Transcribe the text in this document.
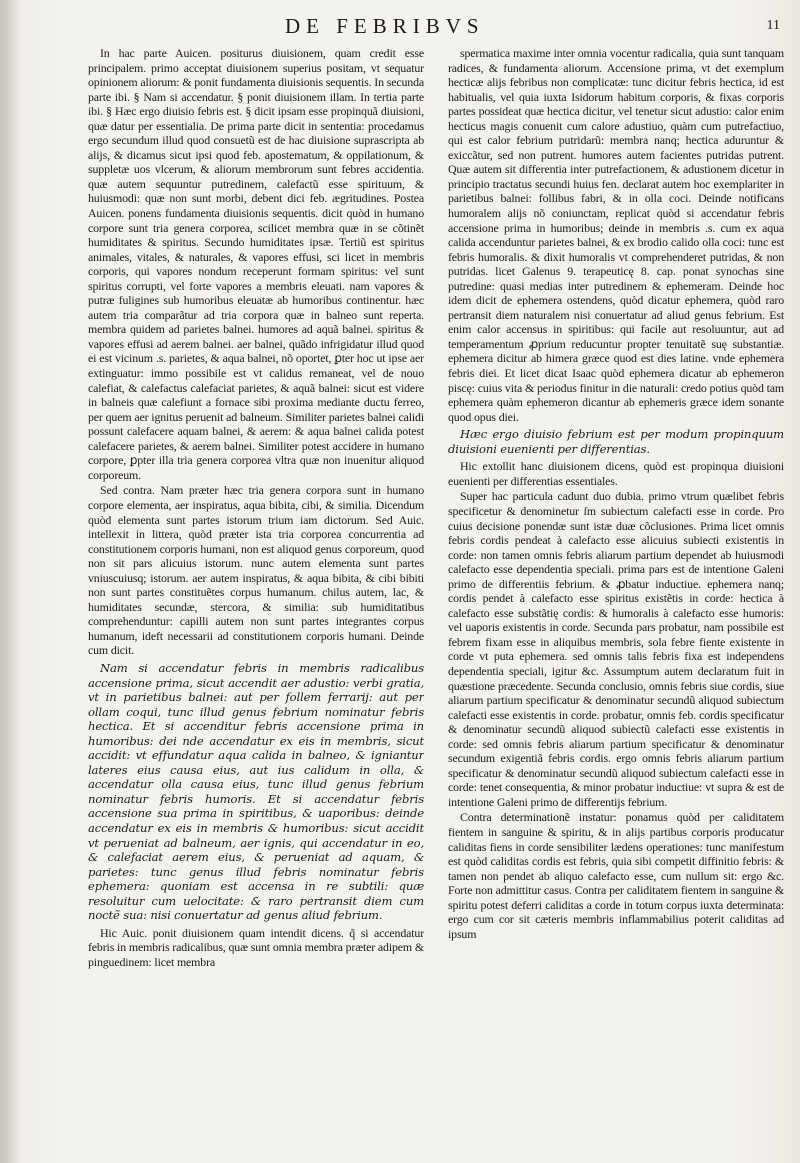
DE FEBRIBVS	11

In hac parte Auicen. positurus diuisionem, quam credit esse principalem. primo acceptat diuisionem superius positam, vt sequatur opinionem aliorum: & ponit fundamenta diuisionis sequentis. In secunda parte ibi. § Nam si accendatur. § ponit diuisionem illam. In tertia parte ibi. § Hæc ergo diuisio febris est. § dicit ipsam esse propinquã diuisioni, quæ datur per essentialia. De prima parte dicit in sententia: procedamus ergo secundum illud quod consuetũ est de hac diuisione suprascripta ab alijs, & dicamus sicut ipsi quod feb. apostematum, & oppilationum, & suppletæ uos vlcerum, & aliorum membrorum sunt febres accidentia. quæ autem sequuntur putredinem, calefactũ esse spirituum, & huiusmodi: quæ non sunt morbi, debent dici feb. ægritudines. Postea Auicen. ponens fundamenta diuisionis sequentis. dicit quòd in humano corpore sunt tria genera corporea, scilicet membra quæ in se cõtinẽt humiditates & spiritus. Secundo humiditates ipsæ. Tertiũ est spiritus animales, vitales, & naturales, & vapores effusi, sci licet in membris corporis, qui vapores nondum receperunt formam spiritus: vel sunt spiritus corrupti, vel forte vapores a membris eleuati. nam vapores & putræ fuligines sub humoribus eleuatæ ab humoribus continentur. hæc autem tria comparãtur ad tria corpora quæ in balneo sunt reperta. membra quidem ad parietes balnei. humores ad aquã balnei. spiritus & vapores effusi ad aerem balnei. aer balnei, quãdo infrigidatur illud quod ei est vicinum .s. parietes, & aqua balnei, nõ oportet, ꝑter hoc ut ipse aer extinguatur: immo possibile est vt calidus remaneat, vel de nouo calefiat, & calefactus calefaciat parietes, & aquã balnei: sicut est videre in balneis quæ calefiunt a fornace sibi proxima mediante ductu ferreo, per quem aer ignitus peruenit ad balneum. Similiter parietes balnei calidi possunt calefacere aquam balnei, & aerem: & aqua balnei calida potest calefacere parietes, & aerem balnei. Similiter potest accidere in humano corpore, ꝑpter illa tria genera corporea vltra quæ non inuenitur aliquod corporeum.

Sed contra. Nam præter hæc tria genera corpora sunt in humano corpore elementa, aer inspiratus, aqua bibita, cibi, & similia. Dicendum quòd elementa sunt partes istorum trium iam dictorum. Sed Auic. intellexit in littera, quòd præter ista tria corporea concurrentia ad constitutionem corporis humani, non est aliquod genus corporeum, quod non sit pars alicuius istorum. nunc autem elementa sunt partes vniuscuiusq; istorum. aer autem inspiratus, & aqua bibita, & cibi bibiti non sunt partes constituẽtes corpus humanum. chilus autem, lac, & humiditates secundæ, stercora, & similia: sub humiditatibus comprehenduntur: capilli autem non sunt partes integrantes corpus humanum, ideft necessarii ad constitutionem corporis humani. Deinde cum dicit.

Nam si accendatur febris in membris radicalibus accensione prima, sicut accendit aer adustio: verbi gratia, vt in parietibus balnei: aut per follem ferrarij: aut per ollam coqui, tunc illud genus febrium nominatur febris hectica. Et si accenditur febris accensione prima in humoribus: dei nde accendatur ex eis in membris, sicut accidit: vt effundatur aqua calida in balneo, & igniantur lateres eius causa eius, aut ius calidum in olla, & accendatur olla causa eius, tunc illud genus febrium nominatur febris humoris. Et si accendatur febris accensione sua prima in spiritibus, & uaporibus: deinde accendatur ex eis in membris & humoribus: sicut accidit vt perueniat ad balneum, aer ignis, qui accendatur in eo, & calefaciat aerem eius, & perueniat ad aquam, & parietes: tunc genus illud febris nominatur febris ephemera: quoniam est accensa in re subtili: quæ resoluitur cum uelocitate: & raro pertransit diem cum noctẽ sua: nisi conuertatur ad genus aliud febrium.

Hic Auic. ponit diuisionem quam intendit dicens. q̃ si accendatur febris in membris radicalibus, quæ sunt omnia membra præter adipem & pinguedinem: licet membra

spermatica maxime inter omnia vocentur radicalia, quia sunt tanquam radices, & fundamenta aliorum. Accensione prima, vt det exemplum hecticæ alijs febribus non complicatæ: tunc dicitur febris hectica, id est habitualis, vel quia iuxta Isidorum habitum corporis, & fixas corporis partes possideat quæ hectica dicitur, vel tenetur sicut adustio: calor enim hecticus magis conuenit cum calore adustiuo, quàm cum putrefactiuo, qui est calor febrium putridarũ: membra nanq; hectica aduruntur & exiccãtur, sed non putrent. humores autem facientes putridas putrent. Quæ autem sit differentia inter putrefactionem, & adustionem dicetur in principio tractatus secundi huius fen. declarat autem hoc exemplariter in parietibus balnei: follibus fabri, & in olla coci. Deinde notificans humoralem alijs nõ coniunctam, replicat quòd si accendatur febris accensione prima in humoribus; deinde in membris .s. cum ex aqua calida accenduntur parietes balnei, & ex brodio calido olla coci: tunc est febris humoralis. & dixit humoralis vt comprehenderet putridas, & non putridas. licet Galenus 9. terapeuticę 8. cap. ponat synochas sine putredine: quasi medias inter putredinem & ephemeram. Deinde hoc idem dicit de ephemera ostendens, quòd dicatur ephemera, quòd raro pertransit diem naturalem nisi conuertatur ad aliud genus febrium. Est enim calor accensus in spiritibus: qui facile aut resoluuntur, aut ad temperamentum ꝓprium reducuntur propter tenuitatẽ suę substantiæ. ephemera dicitur ab himera græce quod est dies latine. vnde ephemera febris diei. Et licet dicat Isaac quòd ephemera dicatur ab ephemeron piscę: cuius vita & periodus finitur in die naturali: credo potius quòd tam ephemera quàm ephemeron dicantur ab ephemeris græce idem sonante quod opus diei.

Hæc ergo diuisio febrium est per modum propinquum diuisioni euenienti per differentias.

Hic extollit hanc diuisionem dicens, quòd est propinqua diuisioni euenienti per differentias essentiales.

Super hac particula cadunt duo dubia. primo vtrum quælibet febris specificetur & denominetur ſm subiectum calefacti esse in corde. Pro cuius decisione ponendæ sunt istæ duæ cõclusiones. Prima licet omnis febris cordis pendeat à calefacto esse alicuius subiecti existentis in corde: non tamen omnis febris aliarum partium dependet ab huiusmodi calefacto esse dependentia speciali. prima pars est de intentione Galeni primo de differentiis febrium. & ꝓbatur inductiue. ephemera nanq; cordis pendet à calefacto esse spiritus existẽtis in corde: hectica à calefacto esse substãtię cordis: & humoralis à calefacto esse humoris: vel uaporis existentis in corde. Secunda pars probatur, nam possibile est febrem fixam esse in aliquibus membris, sola febre fiente existente in corde vt puta ephemera. sed omnis talis febris fixa est independens dependentia speciali, igitur &c. Assumptum autem declaratum fuit in quæstione præcedente. Secunda conclusio, omnis febris siue cordis, siue aliarum partium specificatur & denominatur secundũ aliquod subiectum calefacti esse existentis in corde. probatur, omnis feb. cordis specificatur & denominatur secundũ aliquod subiectũ calefacti esse existentis in corde: sed omnis febris aliarum partium specificatur & denominatur secundum exigentiã febris cordis. ergo omnis febris aliarum partium specificatur & denominatur secundũ aliquod subiectum calefacti esse in corde: tenet consequentia, & minor probatur inductiue: vt supra & est de intentione Galeni primo de differentijs febrium.

Contra determinationẽ instatur: ponamus quòd per caliditatem fientem in sanguine & spiritu, & in alijs partibus corporis producatur caliditas fiens in corde sensibiliter lædens operationes: tunc manifestum est quòd caliditas cordis est febris, quia sibi competit diffinitio febris: & tamen non pendet ab aliquo calefacto esse, cum nullum sit: ergo &c. Forte non admittitur casus. Contra per caliditatem fientem in sanguine & spiritu potest deferri caliditas a corde in totum corpus iuxta determinata: ergo cum cor sit cæteris membris inflammabilius poterit caliditas ad ipsum
